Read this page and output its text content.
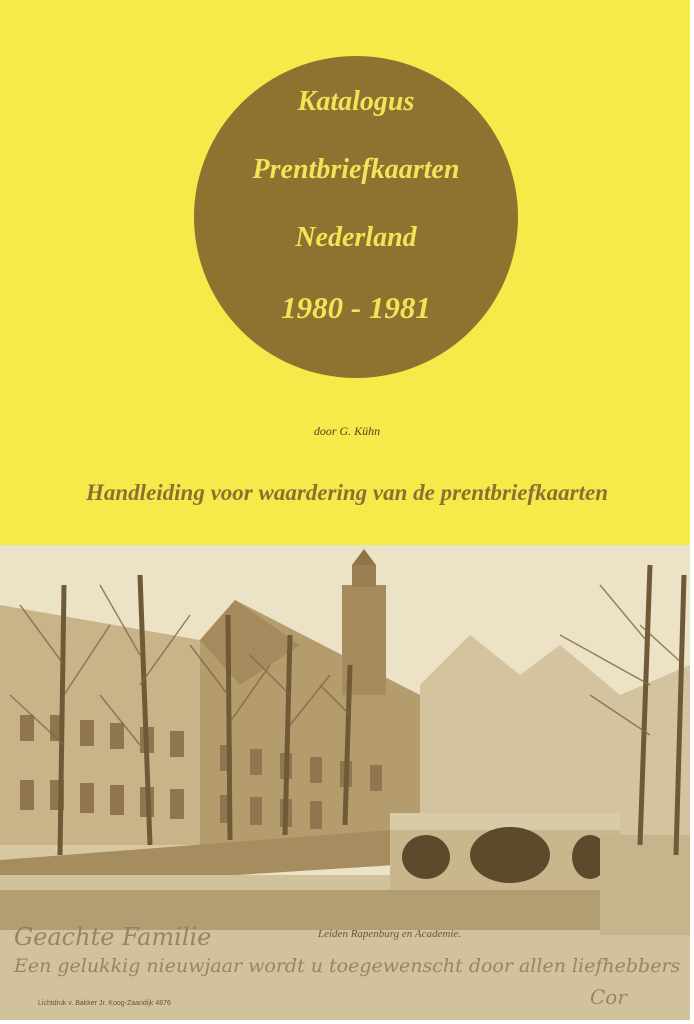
Katalogus
Prentbriefkaarten
Nederland
1980 - 1981
door G. Kühn
Handleiding voor waardering van de prentbriefkaarten
Leiden Rapenburg en Academie.
Geachte Familie
Een gelukkig nieuwjaar wordt u toegewenscht door allen liefhebbers
Cor
Lichtdruk v. Bakker Jr. Koog-Zaandijk 4876
